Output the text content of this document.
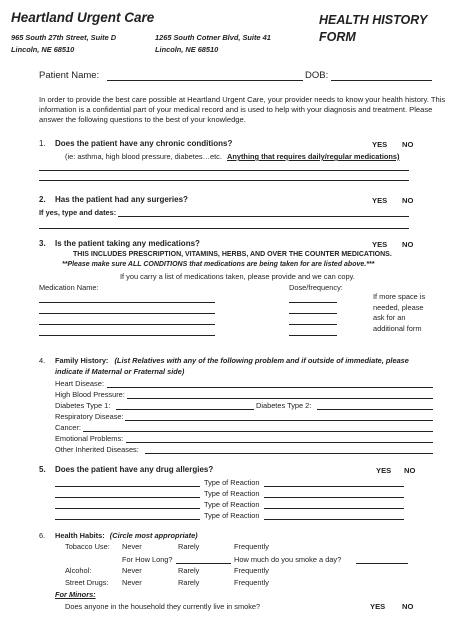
Heartland Urgent Care
965 South 27th Street, Suite D
Lincoln, NE 68510
1265 South Cotner Blvd, Suite 41
Lincoln, NE 68510
HEALTH HISTORY
FORM
Patient Name:	DOB:
In order to provide the best care possible at Heartland Urgent Care, your provider needs to know your health history. This information is a confidential part of your medical record and is used to help with your diagnosis and treatment. Please answer the following questions to the best of your knowledge.
1. Does the patient have any chronic conditions?	YES NO
(ie: asthma, high blood pressure, diabetes…etc. Anything that requires daily/regular medications)
2. Has the patient had any surgeries?	YES NO
If yes, type and dates:
3. Is the patient taking any medications?	YES NO
THIS INCLUDES PRESCRIPTION, VITAMINS, HERBS, AND OVER THE COUNTER MEDICATIONS.
**Please make sure ALL CONDITIONS that medications are being taken for are listed above.***
If you carry a list of medications taken, please provide and we can copy.
Medication Name:	Dose/frequency:
If more space is
needed, please
ask for an
additional form
4. Family History: (List Relatives with any of the following problem and if outside of immediate, please
indicate if Maternal or Fraternal side)
Heart Disease:
High Blood Pressure:
Diabetes Type 1:	Diabetes Type 2:
Respiratory Disease:
Cancer:
Emotional Problems:
Other Inherited Diseases:
5. Does the patient have any drug allergies?	YES NO
Type of Reaction
Type of Reaction
Type of Reaction
Type of Reaction
6. Health Habits: (Circle most appropriate)
Tobacco Use: Never	Rarely	Frequently
For How Long?	How much do you smoke a day?
Alcohol:	Never	Rarely	Frequently
Street Drugs: Never	Rarely	Frequently
For Minors:
Does anyone in the household they currently live in smoke?	YES NO
